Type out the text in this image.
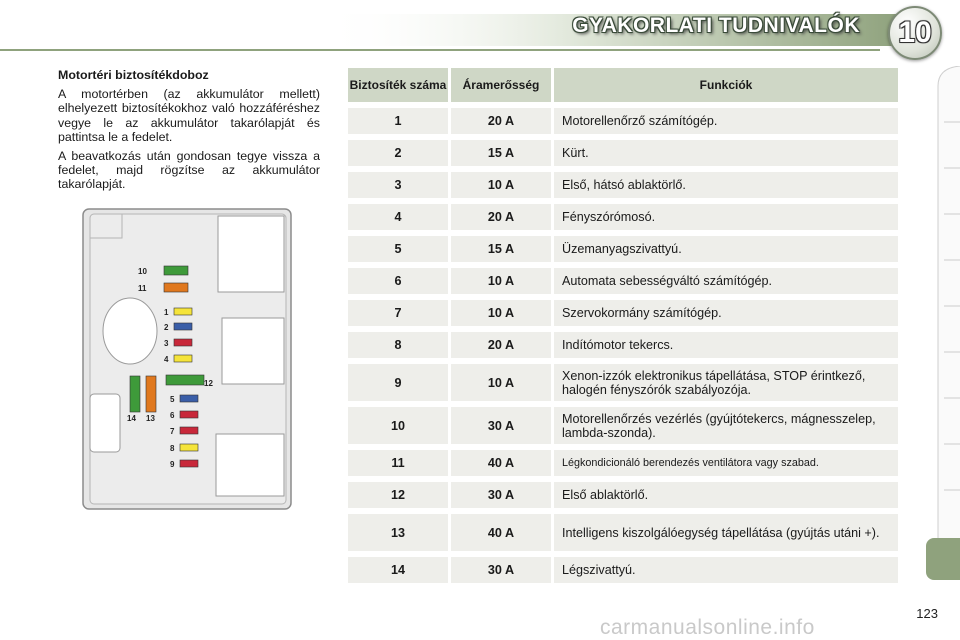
GYAKORLATI TUDNIVALÓK 10
Motortéri biztosítékdoboz

A motortérben (az akkumulátor mellett) elhelyezett biztosítékokhoz való hozzáféréshez vegye le az akkumulátor takarólapját és pattintsa le a fedelet.

A beavatkozás után gondosan tegye vissza a fedelet, majd rögzítse az akkumulátor takarólapját.

10
11
1
2
3
4
12
5
6
7
8
9
14 13
Biztosíték száma	Áramerősség	Funkciók
1	20 A	Motorellenőrző számítógép.
2	15 A	Kürt.
3	10 A	Első, hátsó ablaktörlő.
4	20 A	Fényszórómosó.
5	15 A	Üzemanyagszivattyú.
6	10 A	Automata sebességváltó számítógép.
7	10 A	Szervokormány számítógép.
8	20 A	Indítómotor tekercs.
9	10 A	Xenon-izzók elektronikus tápellátása, STOP érintkező, halogén fényszórók szabályozója.
10	30 A	Motorellenőrzés vezérlés (gyújtótekercs, mágnesszelep, lambda-szonda).
11	40 A	Légkondicionáló berendezés ventilátora vagy szabad.
12	30 A	Első ablaktörlő.
13	40 A	Intelligens kiszolgálóegység tápellátása (gyújtás utáni +).
14	30 A	Légszivattyú.
123
carmanualsonline.info
